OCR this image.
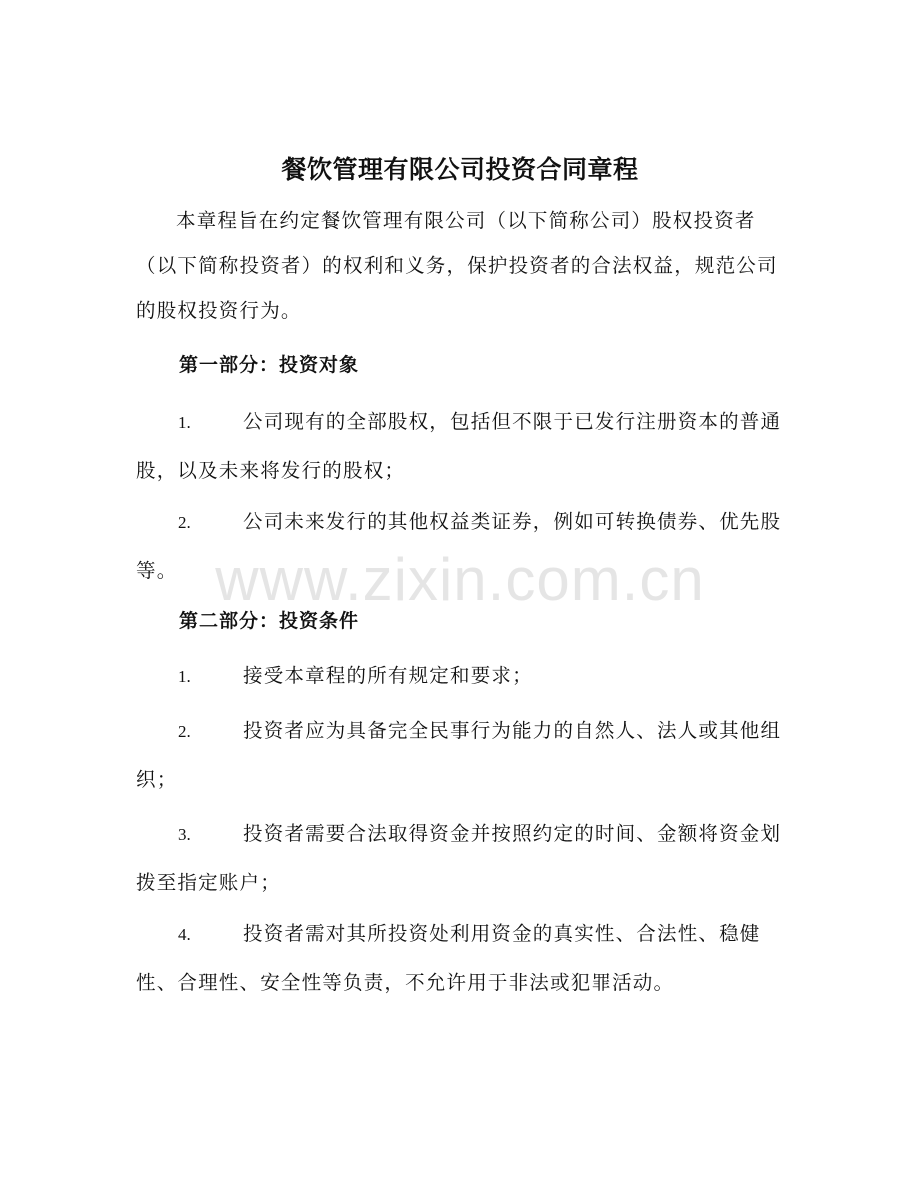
餐饮管理有限公司投资合同章程

本章程旨在约定餐饮管理有限公司（以下简称公司）股权投资者（以下简称投资者）的权利和义务，保护投资者的合法权益，规范公司的股权投资行为。

第一部分：投资对象

1.	公司现有的全部股权，包括但不限于已发行注册资本的普通股，以及未来将发行的股权；

2.	公司未来发行的其他权益类证券，例如可转换债券、优先股等。 www.zixin.com.cn

第二部分：投资条件

1.	接受本章程的所有规定和要求；

2.	投资者应为具备完全民事行为能力的自然人、法人或其他组织；

3.	投资者需要合法取得资金并按照约定的时间、金额将资金划拨至指定账户；

4.	投资者需对其所投资处利用资金的真实性、合法性、稳健性、合理性、安全性等负责，不允许用于非法或犯罪活动。
